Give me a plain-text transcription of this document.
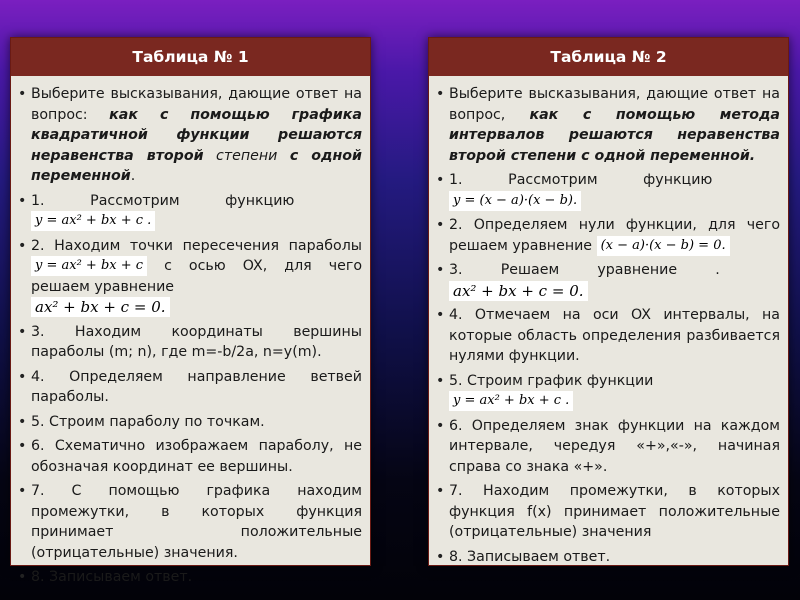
Таблица № 1
• Выберите высказывания, дающие ответ на вопрос: как с помощью графика квадратичной функции решаются неравенства второй степени с одной переменной.
• 1. Рассмотрим функцию y = ax² + bx + c .
• 2. Находим точки пересечения параболы y = ax² + bx + c с осью OX, для чего решаем уравнение
ax² + bx + c = 0.
• 3. Находим координаты вершины параболы (m; n), где m=-b/2a, n=y(m).
• 4. Определяем направление ветвей параболы.
• 5. Строим параболу по точкам.
• 6. Схематично изображаем параболу, не обозначая координат ее вершины.
• 7. С помощью графика находим промежутки, в которых функция принимает положительные (отрицательные) значения.
• 8. Записываем ответ.
Таблица № 2
• Выберите высказывания, дающие ответ на вопрос, как с помощью метода интервалов решаются неравенства второй степени с одной переменной.
• 1. Рассмотрим функцию y = (x − a)·(x − b).
• 2. Определяем нули функции, для чего решаем уравнение (x − a)·(x − b) = 0.
• 3. Решаем уравнение . ax² + bx + c = 0.
• 4. Отмечаем на оси OX интервалы, на которые область определения разбивается нулями функции.
• 5. Строим график функции
y = ax² + bx + c .
• 6. Определяем знак функции на каждом интервале, чередуя «+»,«-», начиная справа со знака «+».
• 7. Находим промежутки, в которых функция f(x) принимает положительные (отрицательные) значения
• 8. Записываем ответ.
